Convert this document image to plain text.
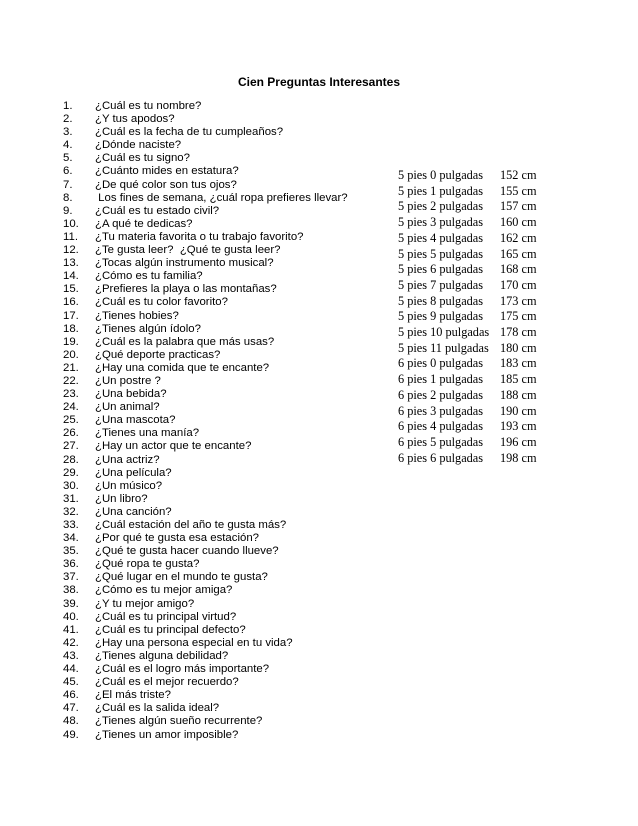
Cien Preguntas Interesantes
1. ¿Cuál es tu nombre?
2. ¿Y tus apodos?
3. ¿Cuál es la fecha de tu cumpleaños?
4. ¿Dónde naciste?
5. ¿Cuál es tu signo?
6. ¿Cuánto mides en estatura?
7. ¿De qué color son tus ojos?
8. Los fines de semana, ¿cuál ropa prefieres llevar?
9. ¿Cuál es tu estado civil?
10. ¿A qué te dedicas?
11. ¿Tu materia favorita o tu trabajo favorito?
12. ¿Te gusta leer?  ¿Qué te gusta leer?
13. ¿Tocas algún instrumento musical?
14. ¿Cómo es tu familia?
15. ¿Prefieres la playa o las montañas?
16. ¿Cuál es tu color favorito?
17. ¿Tienes hobies?
18. ¿Tienes algún ídolo?
19. ¿Cuál es la palabra que más usas?
20. ¿Qué deporte practicas?
21. ¿Hay una comida que te encante?
22. ¿Un postre ?
23. ¿Una bebida?
24. ¿Un animal?
25. ¿Una mascota?
26. ¿Tienes una manía?
27. ¿Hay un actor que te encante?
28. ¿Una actriz?
29. ¿Una película?
30. ¿Un músico?
31. ¿Un libro?
32. ¿Una canción?
33. ¿Cuál estación del año te gusta más?
34. ¿Por qué te gusta esa estación?
35. ¿Qué te gusta hacer cuando llueve?
36. ¿Qué ropa te gusta?
37. ¿Qué lugar en el mundo te gusta?
38. ¿Cómo es tu mejor amiga?
39. ¿Y tu mejor amigo?
40. ¿Cuál es tu principal virtud?
41. ¿Cuál es tu principal defecto?
42. ¿Hay una persona especial en tu vida?
43. ¿Tienes alguna debilidad?
44. ¿Cuál es el logro más importante?
45. ¿Cuál es el mejor recuerdo?
46. ¿El más triste?
47. ¿Cuál es la salida ideal?
48. ¿Tienes algún sueño recurrente?
49. ¿Tienes un amor imposible?
5 pies 0 pulgadas	152 cm
5 pies 1 pulgadas	155 cm
5 pies 2 pulgadas	157 cm
5 pies 3 pulgadas	160 cm
5 pies 4 pulgadas	162 cm
5 pies 5 pulgadas	165 cm
5 pies 6 pulgadas	168 cm
5 pies 7 pulgadas	170 cm
5 pies 8 pulgadas	173 cm
5 pies 9 pulgadas	175 cm
5 pies 10 pulgadas	178 cm
5 pies 11 pulgadas	180 cm
6 pies 0 pulgadas	183 cm
6 pies 1 pulgadas	185 cm
6 pies 2 pulgadas	188 cm
6 pies 3 pulgadas	190 cm
6 pies 4 pulgadas	193 cm
6 pies 5 pulgadas	196 cm
6 pies 6 pulgadas	198 cm
